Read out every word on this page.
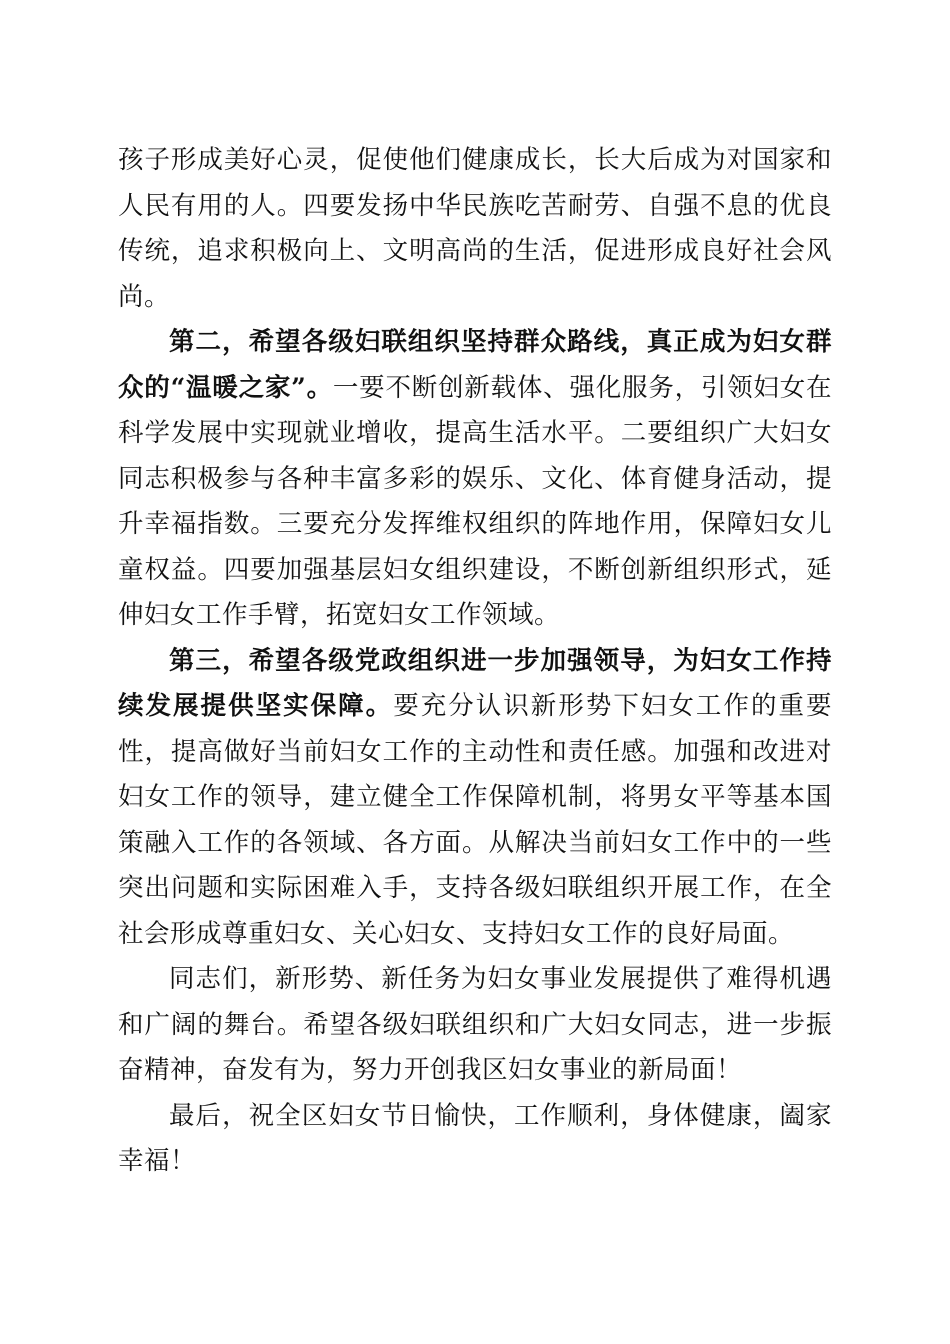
孩子形成美好心灵，促使他们健康成长，长大后成为对国家和人民有用的人。四要发扬中华民族吃苦耐劳、自强不息的优良传统，追求积极向上、文明高尚的生活，促进形成良好社会风尚。

第二，希望各级妇联组织坚持群众路线，真正成为妇女群众的“温暖之家”。一要不断创新载体、强化服务，引领妇女在科学发展中实现就业增收，提高生活水平。二要组织广大妇女同志积极参与各种丰富多彩的娱乐、文化、体育健身活动，提升幸福指数。三要充分发挥维权组织的阵地作用，保障妇女儿童权益。四要加强基层妇女组织建设，不断创新组织形式，延伸妇女工作手臂，拓宽妇女工作领域。

第三，希望各级党政组织进一步加强领导，为妇女工作持续发展提供坚实保障。要充分认识新形势下妇女工作的重要性，提高做好当前妇女工作的主动性和责任感。加强和改进对妇女工作的领导，建立健全工作保障机制，将男女平等基本国策融入工作的各领域、各方面。从解决当前妇女工作中的一些突出问题和实际困难入手，支持各级妇联组织开展工作，在全社会形成尊重妇女、关心妇女、支持妇女工作的良好局面。

同志们，新形势、新任务为妇女事业发展提供了难得机遇和广阔的舞台。希望各级妇联组织和广大妇女同志，进一步振奋精神，奋发有为，努力开创我区妇女事业的新局面！

最后，祝全区妇女节日愉快，工作顺利，身体健康，阖家幸福！
